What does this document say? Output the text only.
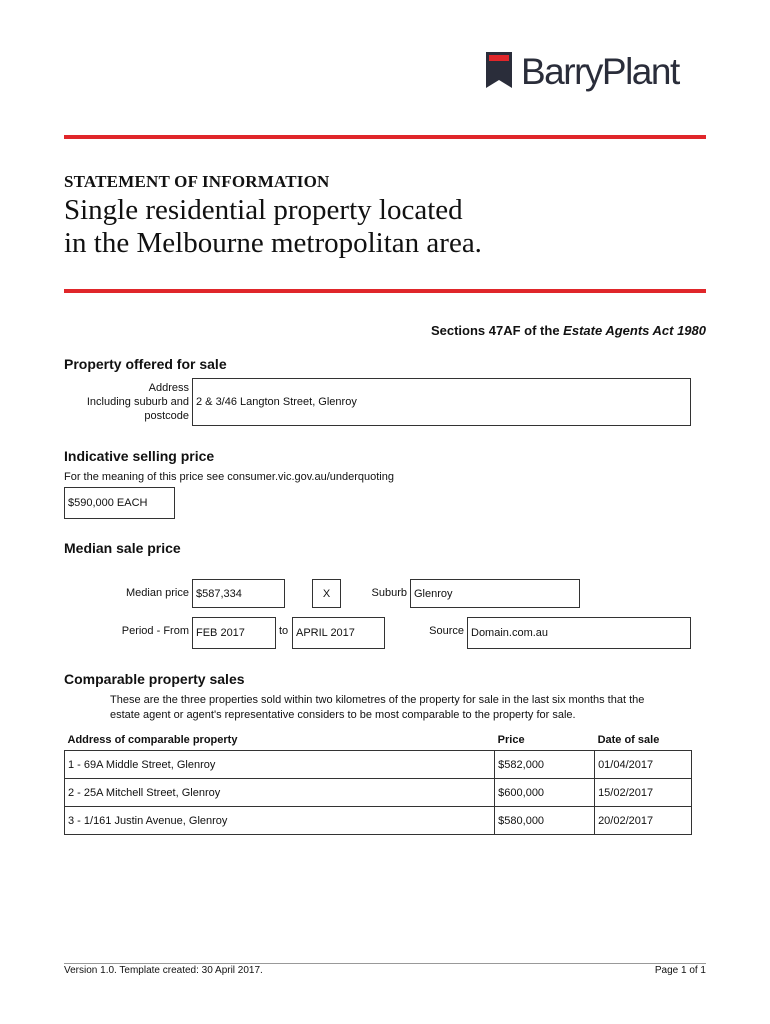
BarryPlant
STATEMENT OF INFORMATION
Single residential property located
in the Melbourne metropolitan area.
Sections 47AF of the Estate Agents Act 1980
Property offered for sale
Address
Including suburb and
postcode
2 & 3/46 Langton Street, Glenroy
Indicative selling price
For the meaning of this price see consumer.vic.gov.au/underquoting
$590,000 EACH
Median sale price
Median price $587,334	X	Suburb Glenroy
Period - From FEB 2017	to APRIL 2017	Source Domain.com.au
Comparable property sales
These are the three properties sold within two kilometres of the property for sale in the last six months that the
estate agent or agent's representative considers to be most comparable to the property for sale.
Address of comparable property	Price	Date of sale
1 - 69A Middle Street, Glenroy	$582,000	01/04/2017
2 - 25A Mitchell Street, Glenroy	$600,000	15/02/2017
3 - 1/161 Justin Avenue, Glenroy	$580,000	20/02/2017
Version 1.0. Template created: 30 April 2017.	Page 1 of 1
